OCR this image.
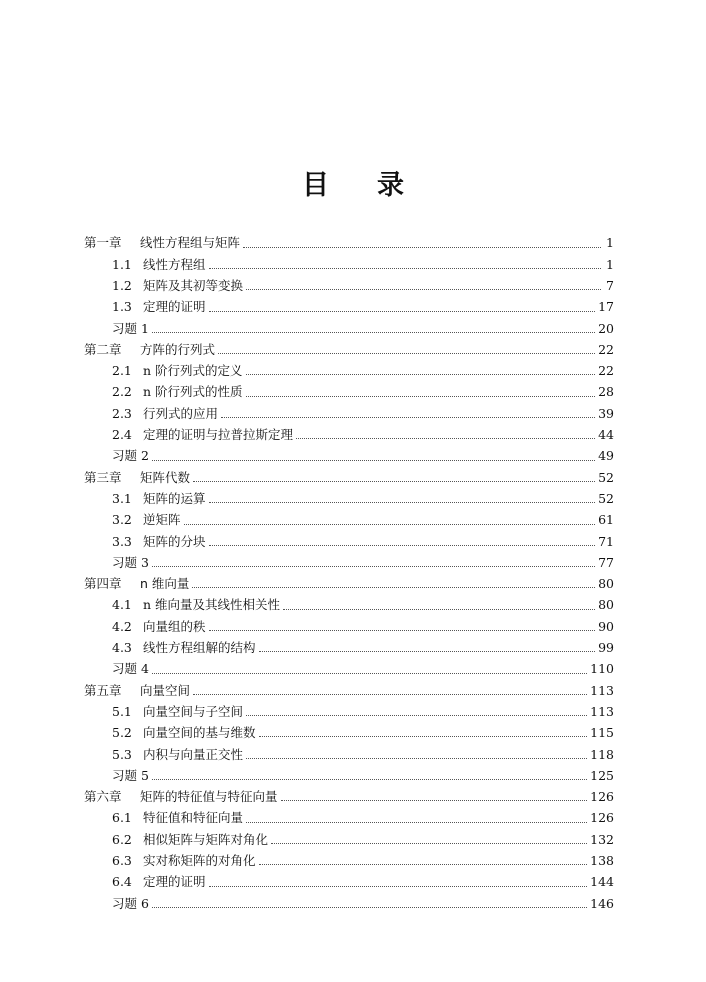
目 录
第一章	线性方程组与矩阵	1
1.1 线性方程组	1
1.2 矩阵及其初等变换	7
1.3 定理的证明	17
习题 1	20
第二章	方阵的行列式	22
2.1 n 阶行列式的定义	22
2.2 n 阶行列式的性质	28
2.3 行列式的应用	39
2.4 定理的证明与拉普拉斯定理	44
习题 2	49
第三章	矩阵代数	52
3.1 矩阵的运算	52
3.2 逆矩阵	61
3.3 矩阵的分块	71
习题 3	77
第四章	n 维向量	80
4.1 n 维向量及其线性相关性	80
4.2 向量组的秩	90
4.3 线性方程组解的结构	99
习题 4	110
第五章	向量空间	113
5.1 向量空间与子空间	113
5.2 向量空间的基与维数	115
5.3 内积与向量正交性	118
习题 5	125
第六章	矩阵的特征值与特征向量	126
6.1 特征值和特征向量	126
6.2 相似矩阵与矩阵对角化	132
6.3 实对称矩阵的对角化	138
6.4 定理的证明	144
习题 6	146
